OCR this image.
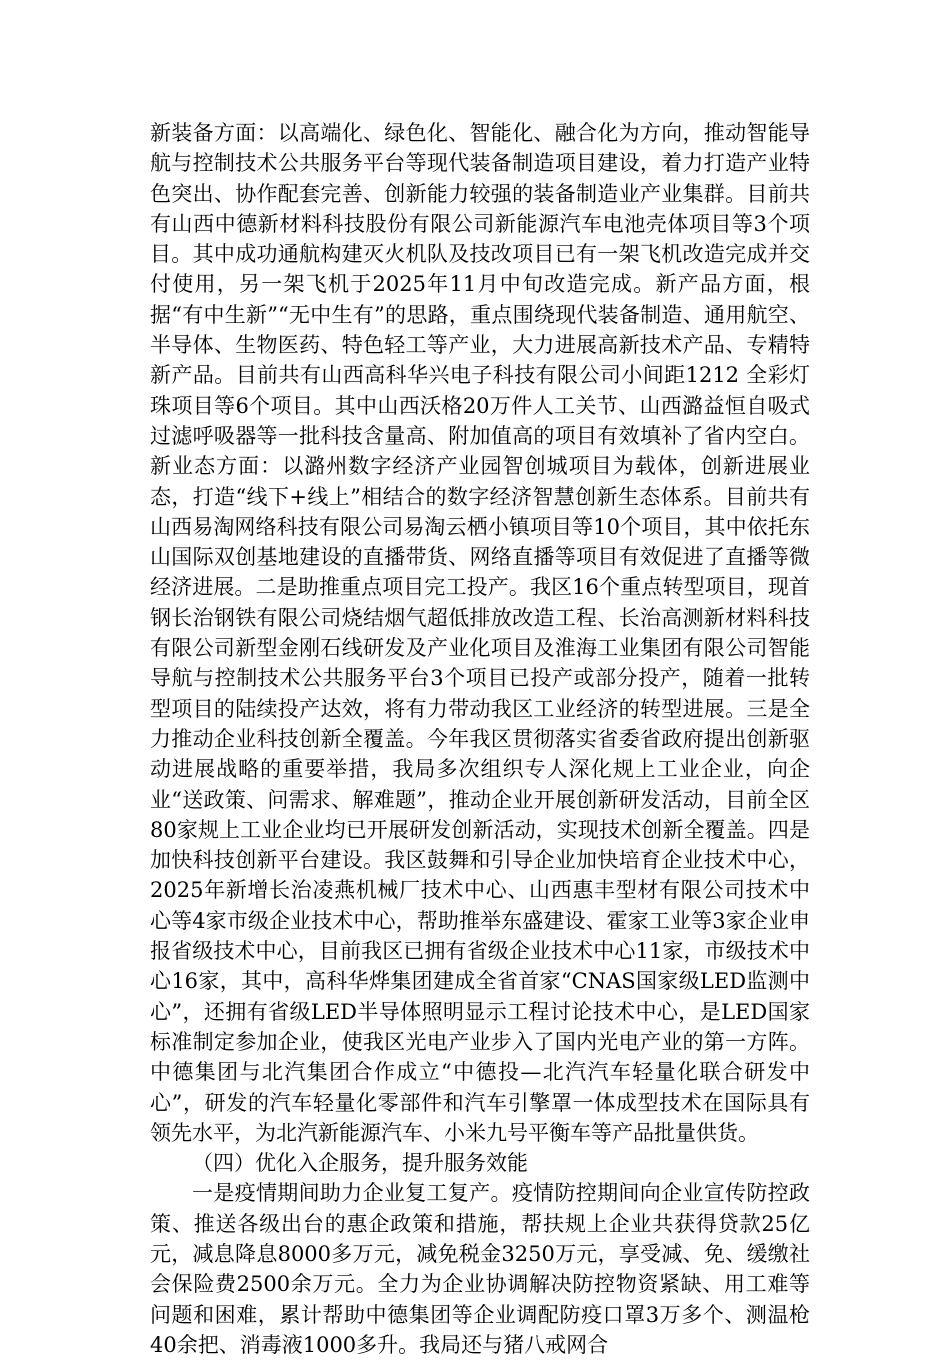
新装备方面：以高端化、绿色化、智能化、融合化为方向，推动智能导航与控制技术公共服务平台等现代装备制造项目建设，着力打造产业特色突出、协作配套完善、创新能力较强的装备制造业产业集群。目前共有山西中德新材料科技股份有限公司新能源汽车电池壳体项目等3个项目。其中成功通航构建灭火机队及技改项目已有一架飞机改造完成并交付使用，另一架飞机于2025年11月中旬改造完成。新产品方面，根据“有中生新”“无中生有”的思路，重点围绕现代装备制造、通用航空、半导体、生物医药、特色轻工等产业，大力进展高新技术产品、专精特新产品。目前共有山西高科华兴电子科技有限公司小间距1212 全彩灯珠项目等6个项目。其中山西沃格20万件人工关节、山西潞益恒自吸式过滤呼吸器等一批科技含量高、附加值高的项目有效填补了省内空白。新业态方面：以潞州数字经济产业园智创城项目为载体，创新进展业态，打造“线下+线上”相结合的数字经济智慧创新生态体系。目前共有山西易淘网络科技有限公司易淘云栖小镇项目等10个项目，其中依托东山国际双创基地建设的直播带货、网络直播等项目有效促进了直播等微经济进展。二是助推重点项目完工投产。我区16个重点转型项目，现首钢长治钢铁有限公司烧结烟气超低排放改造工程、长治高测新材料科技有限公司新型金刚石线研发及产业化项目及淮海工业集团有限公司智能导航与控制技术公共服务平台3个项目已投产或部分投产，随着一批转型项目的陆续投产达效，将有力带动我区工业经济的转型进展。三是全力推动企业科技创新全覆盖。今年我区贯彻落实省委省政府提出创新驱动进展战略的重要举措，我局多次组织专人深化规上工业企业，向企业“送政策、问需求、解难题”，推动企业开展创新研发活动，目前全区80家规上工业企业均已开展研发创新活动，实现技术创新全覆盖。四是加快科技创新平台建设。我区鼓舞和引导企业加快培育企业技术中心，2025年新增长治凌燕机械厂技术中心、山西惠丰型材有限公司技术中心等4家市级企业技术中心，帮助推举东盛建设、霍家工业等3家企业申报省级技术中心，目前我区已拥有省级企业技术中心11家，市级技术中心16家，其中，高科华烨集团建成全省首家“CNAS国家级LED监测中心”，还拥有省级LED半导体照明显示工程讨论技术中心，是LED国家标准制定参加企业，使我区光电产业步入了国内光电产业的第一方阵。中德集团与北汽集团合作成立“中德投—北汽汽车轻量化联合研发中心”，研发的汽车轻量化零部件和汽车引擎罩一体成型技术在国际具有领先水平，为北汽新能源汽车、小米九号平衡车等产品批量供货。

（四）优化入企服务，提升服务效能

一是疫情期间助力企业复工复产。疫情防控期间向企业宣传防控政策、推送各级出台的惠企政策和措施，帮扶规上企业共获得贷款25亿元，减息降息8000多万元，减免税金3250万元，享受减、免、缓缴社会保险费2500余万元。全力为企业协调解决防控物资紧缺、用工难等问题和困难，累计帮助中德集团等企业调配防疫口罩3万多个、测温枪40余把、消毒液1000多升。我局还与猪八戒网合
